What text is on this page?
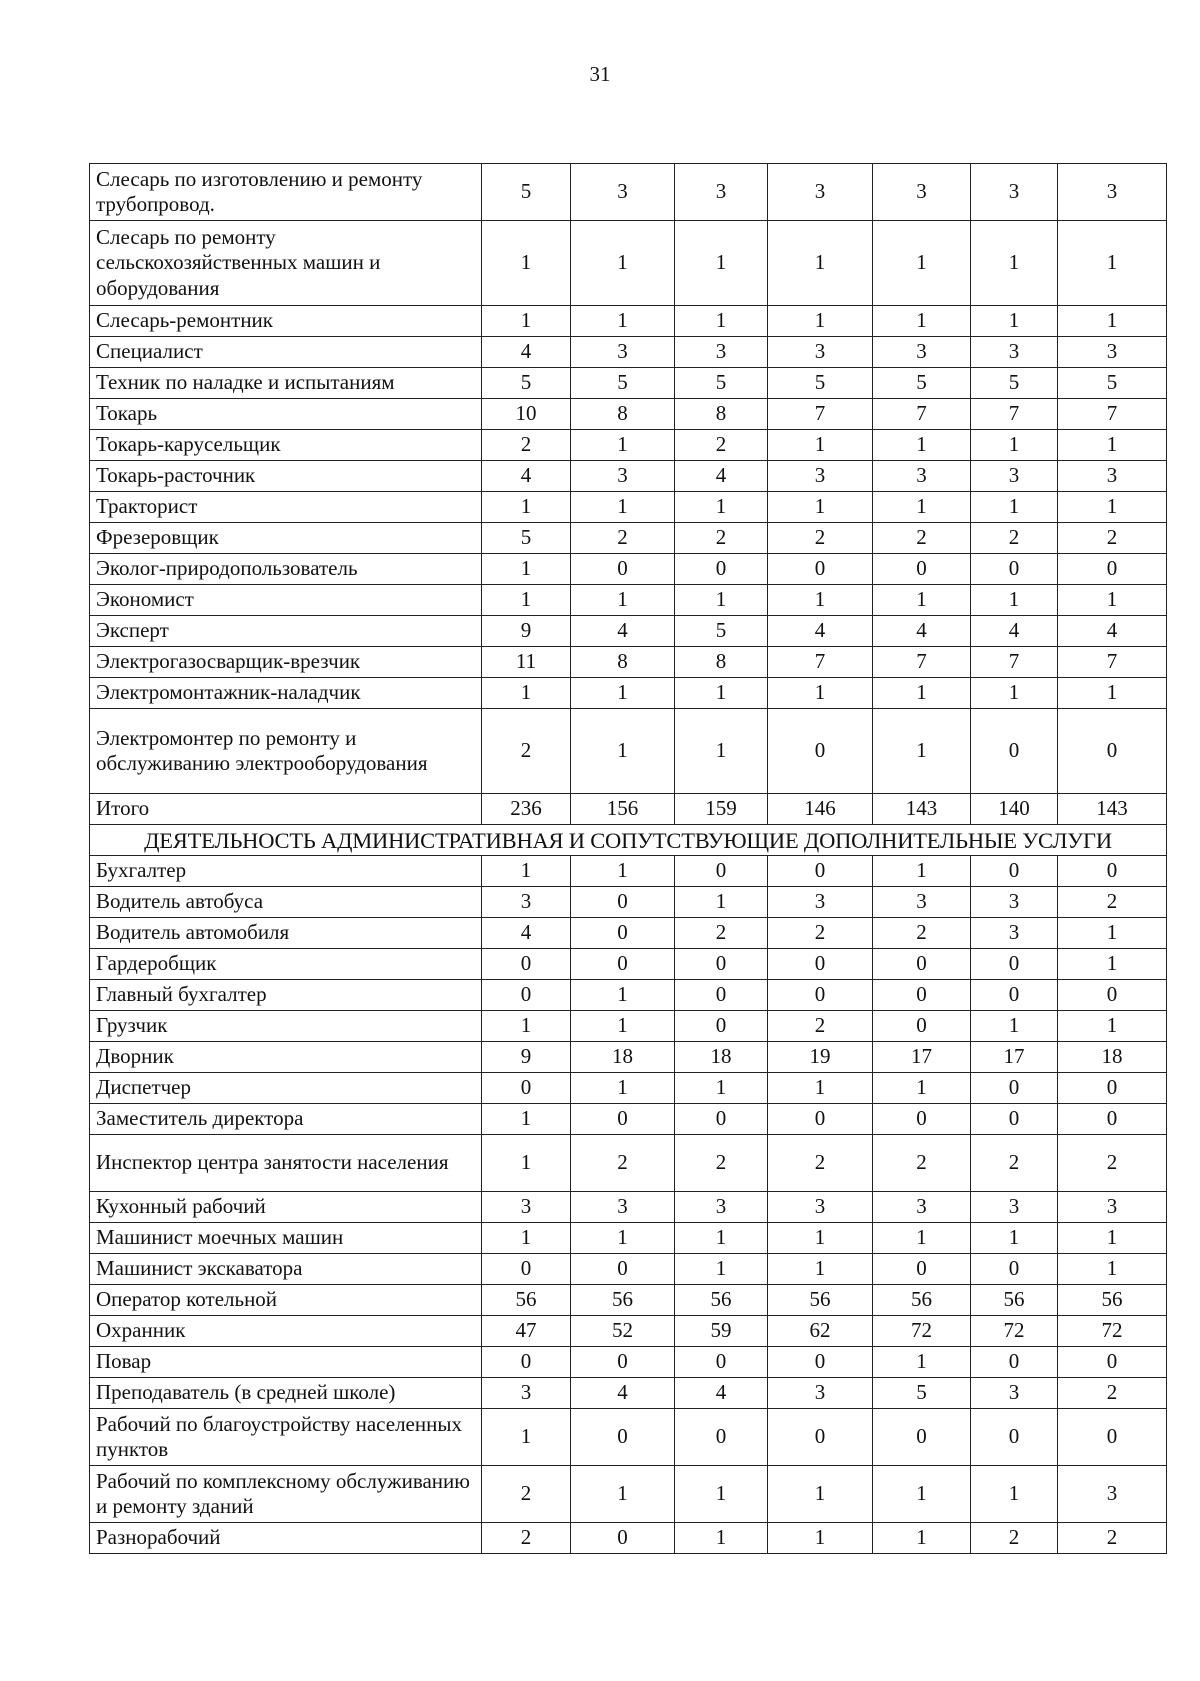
31
Слесарь по изготовлению и ремонту трубопровод.	5	3	3	3	3	3	3
Слесарь по ремонту сельскохозяйственных машин и оборудования	1	1	1	1	1	1	1
Слесарь-ремонтник	1	1	1	1	1	1	1
Специалист	4	3	3	3	3	3	3
Техник по наладке и испытаниям	5	5	5	5	5	5	5
Токарь	10	8	8	7	7	7	7
Токарь-карусельщик	2	1	2	1	1	1	1
Токарь-расточник	4	3	4	3	3	3	3
Тракторист	1	1	1	1	1	1	1
Фрезеровщик	5	2	2	2	2	2	2
Эколог-природопользователь	1	0	0	0	0	0	0
Экономист	1	1	1	1	1	1	1
Эксперт	9	4	5	4	4	4	4
Электрогазосварщик-врезчик	11	8	8	7	7	7	7
Электромонтажник-наладчик	1	1	1	1	1	1	1
Электромонтер по ремонту и обслуживанию электрооборудования	2	1	1	0	1	0	0
Итого	236	156	159	146	143	140	143
ДЕЯТЕЛЬНОСТЬ АДМИНИСТРАТИВНАЯ И СОПУТСТВУЮЩИЕ ДОПОЛНИТЕЛЬНЫЕ УСЛУГИ							
Бухгалтер	1	1	0	0	1	0	0
Водитель автобуса	3	0	1	3	3	3	2
Водитель автомобиля	4	0	2	2	2	3	1
Гардеробщик	0	0	0	0	0	0	1
Главный бухгалтер	0	1	0	0	0	0	0
Грузчик	1	1	0	2	0	1	1
Дворник	9	18	18	19	17	17	18
Диспетчер	0	1	1	1	1	0	0
Заместитель директора	1	0	0	0	0	0	0
Инспектор центра занятости населения	1	2	2	2	2	2	2
Кухонный рабочий	3	3	3	3	3	3	3
Машинист моечных машин	1	1	1	1	1	1	1
Машинист экскаватора	0	0	1	1	0	0	1
Оператор котельной	56	56	56	56	56	56	56
Охранник	47	52	59	62	72	72	72
Повар	0	0	0	0	1	0	0
Преподаватель (в средней школе)	3	4	4	3	5	3	2
Рабочий по благоустройству населенных пунктов	1	0	0	0	0	0	0
Рабочий по комплексному обслуживанию и ремонту зданий	2	1	1	1	1	1	3
Разнорабочий	2	0	1	1	1	2	2
